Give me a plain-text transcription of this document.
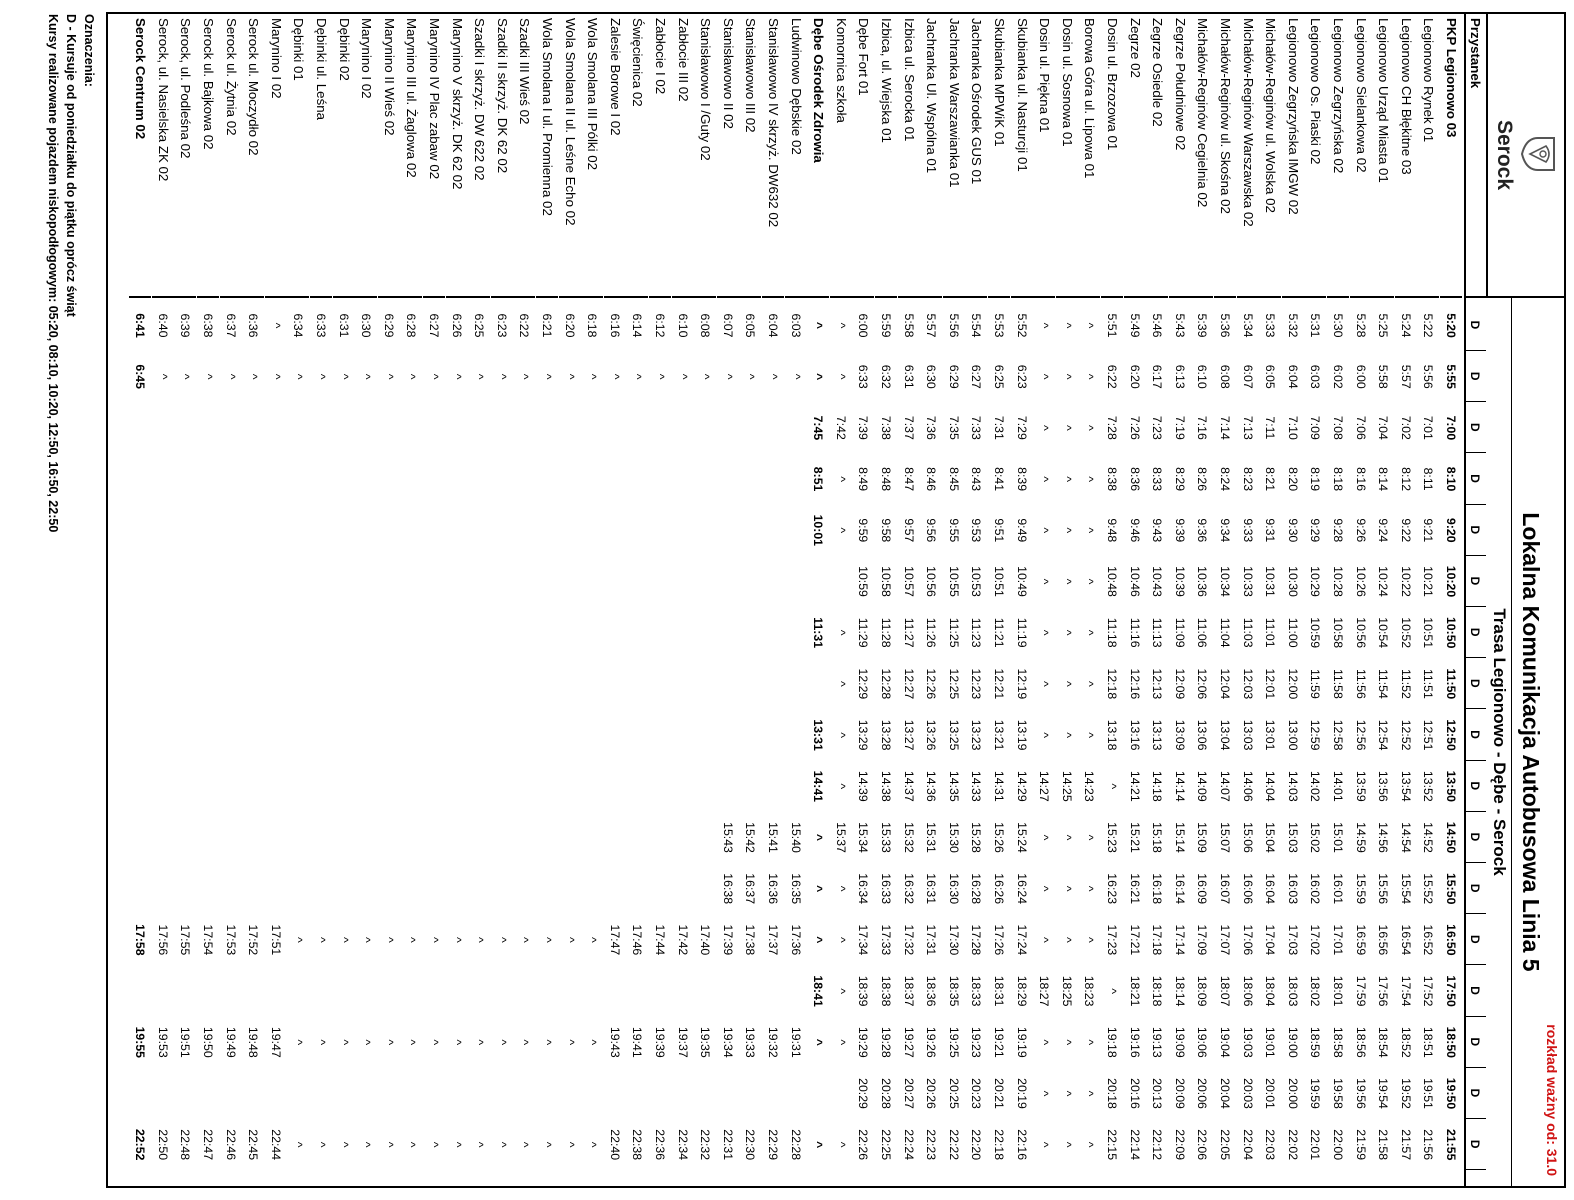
Serock
rozkład ważny od: 31.0
Lokalna Komunikacja Autobusowa Linia 5
Trasa Legionowo - Dębe - Serock
Przystanek
D
D
D
D
D
D
D
D
D
D
D
D
D
D
D
D
D
PKP Legionowo 03
5:20
5:55
7:00
8:10
9:20
10:20
10:50
11:50
12:50
13:50
14:50
15:50
16:50
17:50
18:50
19:50
21:55
Legionowo Rynek 01
5:22
5:56
7:01
8:11
9:21
10:21
10:51
11:51
12:51
13:52
14:52
15:52
16:52
17:52
18:51
19:51
21:56
Legionowo CH Błękitne 03
5:24
5:57
7:02
8:12
9:22
10:22
10:52
11:52
12:52
13:54
14:54
15:54
16:54
17:54
18:52
19:52
21:57
Legionowo Urząd Miasta 01
5:25
5:58
7:04
8:14
9:24
10:24
10:54
11:54
12:54
13:56
14:56
15:56
16:56
17:56
18:54
19:54
21:58
Legionowo Sielankowa 02
5:28
6:00
7:06
8:16
9:26
10:26
10:56
11:56
12:56
13:59
14:59
15:59
16:59
17:59
18:56
19:56
21:59
Legionowo Zegrzyńska 02
5:30
6:02
7:08
8:18
9:28
10:28
10:58
11:58
12:58
14:01
15:01
16:01
17:01
18:01
18:58
19:58
22:00
Legionowo Os. Piaski 02
5:31
6:03
7:09
8:19
9:29
10:29
10:59
11:59
12:59
14:02
15:02
16:02
17:02
18:02
18:59
19:59
22:01
Legionowo Zegrzyńska IMGW 02
5:32
6:04
7:10
8:20
9:30
10:30
11:00
12:00
13:00
14:03
15:03
16:03
17:03
18:03
19:00
20:00
22:02
Michałów-Reginów ul. Wolska 02
5:33
6:05
7:11
8:21
9:31
10:31
11:01
12:01
13:01
14:04
15:04
16:04
17:04
18:04
19:01
20:01
22:03
Michałów-Reginów Warszawska 02
5:34
6:07
7:13
8:23
9:33
10:33
11:03
12:03
13:03
14:06
15:06
16:06
17:06
18:06
19:03
20:03
22:04
Michałów-Reginów ul. Skośna 02
5:36
6:08
7:14
8:24
9:34
10:34
11:04
12:04
13:04
14:07
15:07
16:07
17:07
18:07
19:04
20:04
22:05
Michałów-Reginów Cegielnia 02
5:39
6:10
7:16
8:26
9:36
10:36
11:06
12:06
13:06
14:09
15:09
16:09
17:09
18:09
19:06
20:06
22:06
Zegrze Południowe 02
5:43
6:13
7:19
8:29
9:39
10:39
11:09
12:09
13:09
14:14
15:14
16:14
17:14
18:14
19:09
20:09
22:09
Zegrze Osiedle 02
5:46
6:17
7:23
8:33
9:43
10:43
11:13
12:13
13:13
14:18
15:18
16:18
17:18
18:18
19:13
20:13
22:12
Zegrze 02
5:49
6:20
7:26
8:36
9:46
10:46
11:16
12:16
13:16
14:21
15:21
16:21
17:21
18:21
19:16
20:16
22:14
Dosin ul. Brzozowa 01
5:51
6:22
7:28
8:38
9:48
10:48
11:18
12:18
13:18
^
15:23
16:23
17:23
^
19:18
20:18
22:15
Borowa Góra ul. Lipowa 01
^
^
^
^
^
^
^
^
^
14:23
^
^
^
18:23
^
^
^
Dosin ul. Sosnowa 01
^
^
^
^
^
^
^
^
^
14:25
^
^
^
18:25
^
^
^
Dosin ul. Piękna 01
^
^
^
^
^
^
^
^
^
14:27
^
^
^
18:27
^
^
^
Skubianka ul. Nasturcji 01
5:52
6:23
7:29
8:39
9:49
10:49
11:19
12:19
13:19
14:29
15:24
16:24
17:24
18:29
19:19
20:19
22:16
Skubianka MPWiK 01
5:53
6:25
7:31
8:41
9:51
10:51
11:21
12:21
13:21
14:31
15:26
16:26
17:26
18:31
19:21
20:21
22:18
Jachranka Ośrodek GUS 01
5:54
6:27
7:33
8:43
9:53
10:53
11:23
12:23
13:23
14:33
15:28
16:28
17:28
18:33
19:23
20:23
22:20
Jachranka Warszawianka 01
5:56
6:29
7:35
8:45
9:55
10:55
11:25
12:25
13:25
14:35
15:30
16:30
17:30
18:35
19:25
20:25
22:22
Jachranka Ul. Wspólna 01
5:57
6:30
7:36
8:46
9:56
10:56
11:26
12:26
13:26
14:36
15:31
16:31
17:31
18:36
19:26
20:26
22:23
Izbica ul. Serocka 01
5:58
6:31
7:37
8:47
9:57
10:57
11:27
12:27
13:27
14:37
15:32
16:32
17:32
18:37
19:27
20:27
22:24
Izbica, ul. Wiejska 01
5:59
6:32
7:38
8:48
9:58
10:58
11:28
12:28
13:28
14:38
15:33
16:33
17:33
18:38
19:28
20:28
22:25
Dębe Fort 01
6:00
6:33
7:39
8:49
9:59
10:59
11:29
12:29
13:29
14:39
15:34
16:34
17:34
18:39
19:29
20:29
22:26
Komornica szkoła
^
^
7:42
^
^
^
^
^
^
15:37
^
^
^
^
^
Dębe Ośrodek Zdrowia
^
^
7:45
8:51
10:01
11:31
13:31
14:41
^
^
^
18:41
^
^
Ludwinowo Dębskie 02
6:03
^
15:40
16:35
17:36
19:31
22:28
Stanisławowo IV skrzyż. DW632 02
6:04
^
15:41
16:36
17:37
19:32
22:29
Stanisławowo III 02
6:05
^
15:42
16:37
17:38
19:33
22:30
Stanisławowo II 02
6:07
^
15:43
16:38
17:39
19:34
22:31
Stanisławowo I /Guty 02
6:08
^
17:40
19:35
22:32
Zabłocie III 02
6:10
^
17:42
19:37
22:34
Zabłocie I 02
6:12
^
17:44
19:39
22:36
Święcienica 02
6:14
^
17:46
19:41
22:38
Zalesie Borowe I 02
6:16
^
17:47
19:43
22:40
Wola Smolana III Pólki 02
6:18
^
^
^
^
Wola Smolana II ul. Leśne Echo 02
6:20
^
^
^
^
Wola Smolana I ul. Promienna 02
6:21
^
^
^
^
Szadki III Wieś 02
6:22
^
^
^
^
Szadki II skrzyż. DK 62 02
6:23
^
^
^
^
Szadki I skrzyż. DW 622 02
6:25
^
^
^
^
Marynino V skrzyż. DK 62 02
6:26
^
^
^
^
Marynino IV Plac zabaw 02
6:27
^
^
^
^
Marynino III ul. Żaglowa 02
6:28
^
^
^
^
Marynino II Wieś 02
6:29
^
^
^
^
Marynino I 02
6:30
^
^
^
^
Dębinki 02
6:31
^
^
^
^
Dębinki ul. Leśna
6:33
^
^
^
^
Dębinki 01
6:34
^
^
^
^
Marynino I 02
^
^
17:51
19:47
22:44
Serock ul. Moczydło 02
6:36
^
17:52
19:48
22:45
Serock ul. Żytnia 02
6:37
^
17:53
19:49
22:46
Serock ul. Bajkowa 02
6:38
^
17:54
19:50
22:47
Serock, ul. Podleśna 02
6:39
^
17:55
19:51
22:48
Serock, ul. Nasielska ZK 02
6:40
^
17:56
19:53
22:50
Serock Centrum 02
6:41
6:45
17:58
19:55
22:52
Oznaczenia:
D - Kursuje od poniedziałku do piątku oprócz świąt
Kursy realizowane pojazdem niskopodłogowym: 05:20, 08:10, 10:20, 12:50, 16:50, 22:50
